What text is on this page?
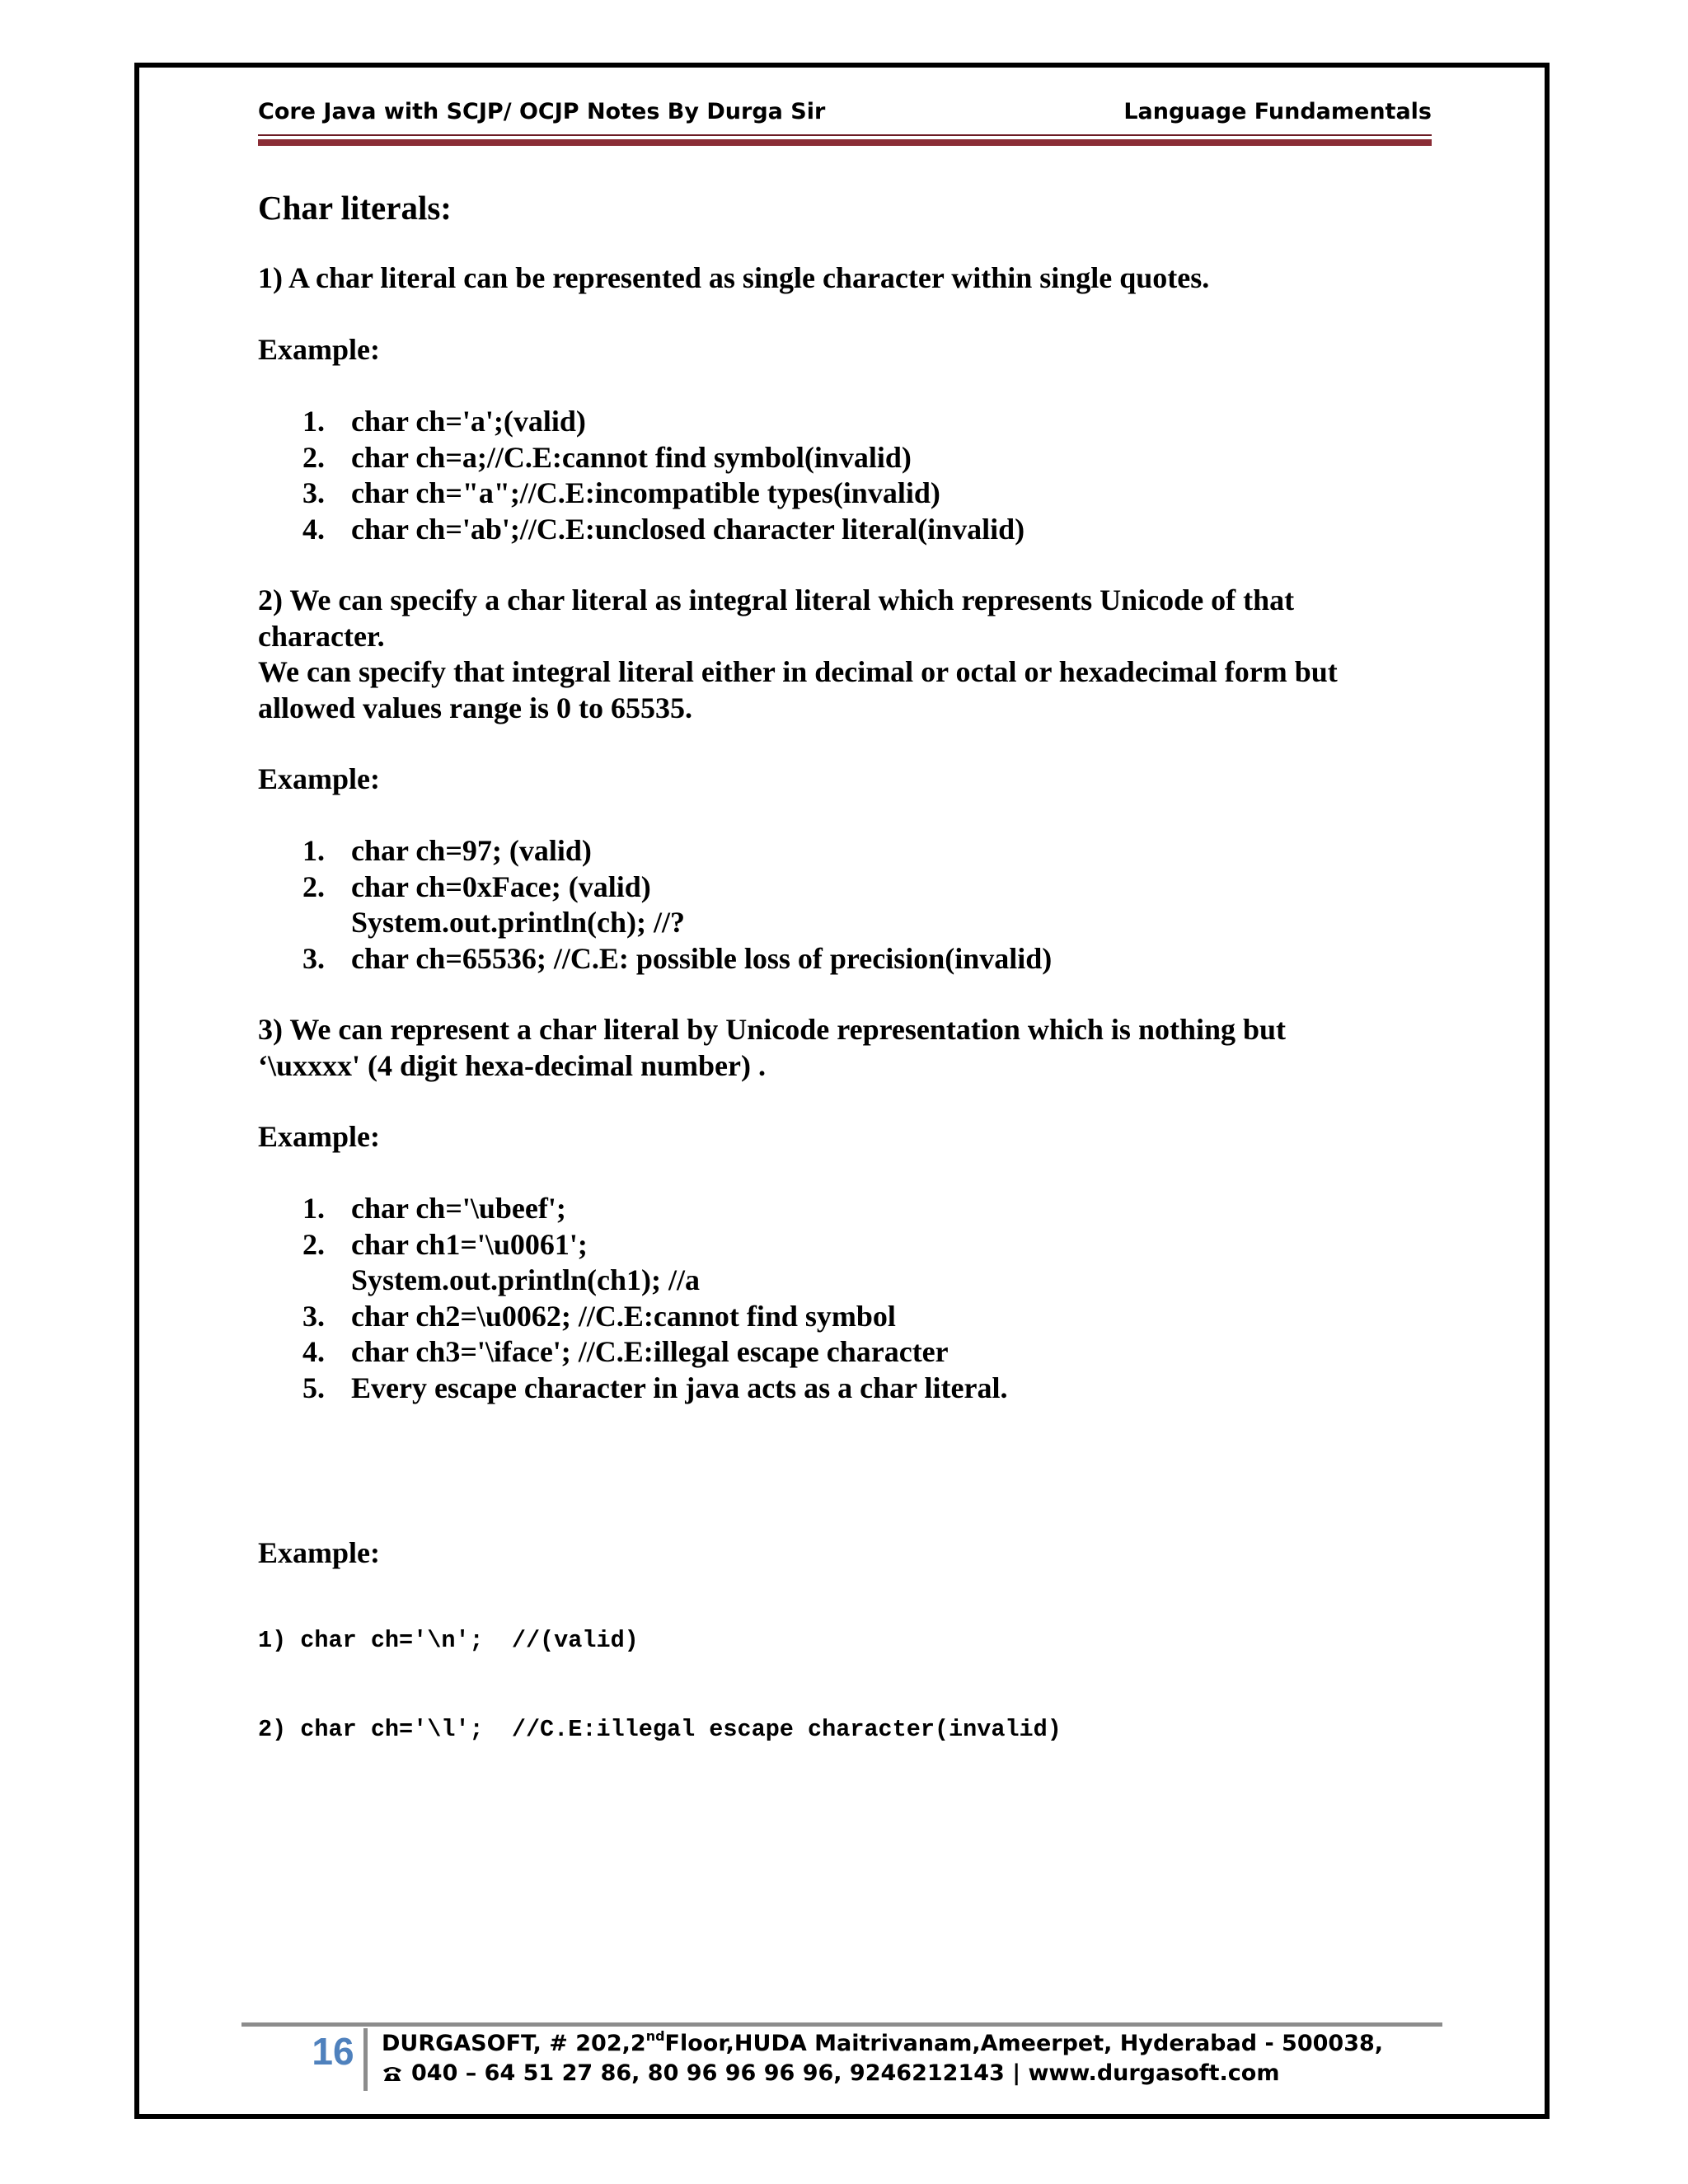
Core Java with SCJP/ OCJP Notes By Durga Sir	Language Fundamentals
Char literals:
1) A char literal can be represented as single character within single quotes.
Example:
1. char ch='a';(valid)
2. char ch=a;//C.E:cannot find symbol(invalid)
3. char ch="a";//C.E:incompatible types(invalid)
4. char ch='ab';//C.E:unclosed character literal(invalid)
2) We can specify a char literal as integral literal which represents Unicode of that
character.
We can specify that integral literal either in decimal or octal or hexadecimal form but
allowed values range is 0 to 65535.
Example:
1. char ch=97; (valid)
2. char ch=0xFace; (valid)
System.out.println(ch); //?
3. char ch=65536; //C.E: possible loss of precision(invalid)
3) We can represent a char literal by Unicode representation which is nothing but
‘\uxxxx' (4 digit hexa-decimal number) .
Example:
1. char ch='\ubeef';
2. char ch1='\u0061';
System.out.println(ch1); //a
3. char ch2=\u0062; //C.E:cannot find symbol
4. char ch3='\iface'; //C.E:illegal escape character
5. Every escape character in java acts as a char literal.
Example:

1) char ch='\n';  //(valid)

2) char ch='\l';  //C.E:illegal escape character(invalid)

16 DURGASOFT, # 202,2ndFloor,HUDA Maitrivanam,Ameerpet, Hyderabad - 500038,
040 – 64 51 27 86, 80 96 96 96 96, 9246212143 | www.durgasoft.com
